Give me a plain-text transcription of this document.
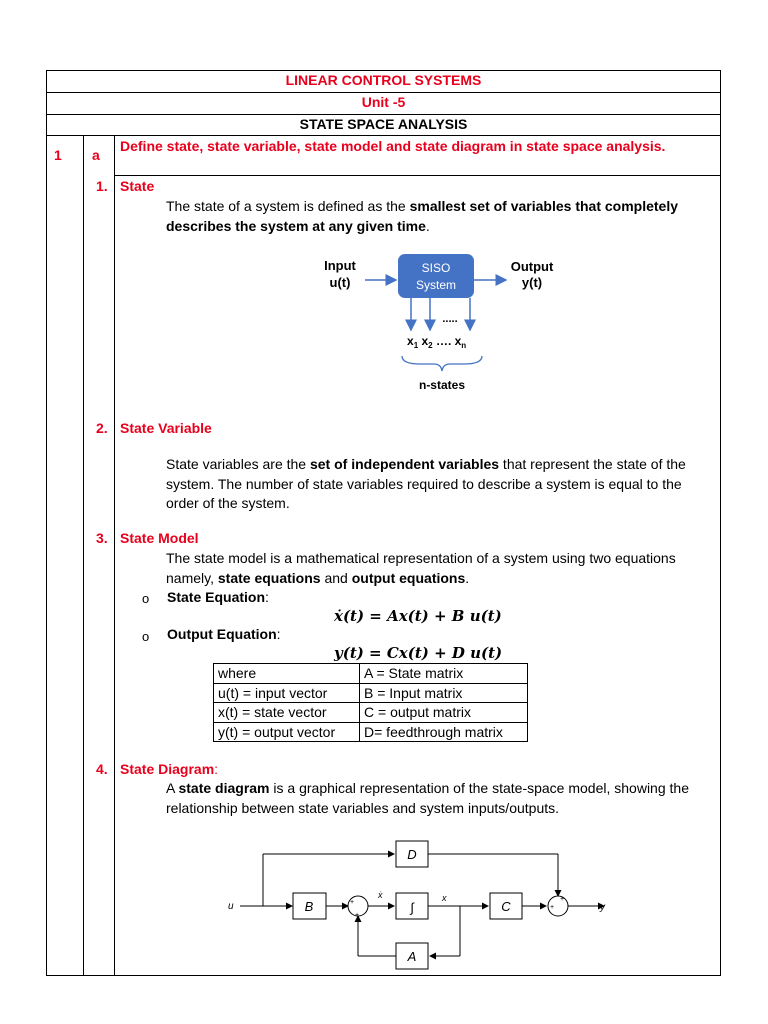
LINEAR CONTROL SYSTEMS
Unit -5
STATE SPACE ANALYSIS
1 a
Define state, state variable, state model and state diagram in state space analysis.
1. State
The state of a system is defined as the smallest set of variables that completely describes the system at any given time.
Input
u(t)
SISO
System
Output
y(t)
.....
$x_1$ $x_2$ …. $x_n$
n-states
2. State Variable
State variables are the set of independent variables that represent the state of the system. The number of state variables required to describe a system is equal to the order of the system.
3. State Model
The state model is a mathematical representation of a system using two equations namely, state equations and output equations.
o State Equation:
ẋ(t) = Ax(t) + B u(t)
o Output Equation:
y(t) = Cx(t) + D u(t)
where	A = State matrix
u(t) = input vector	B = Input matrix
x(t) = state vector	C = output matrix
y(t) = output vector	D= feedthrough matrix
4. State Diagram:
A state diagram is a graphical representation of the state-space model, showing the relationship between state variables and system inputs/outputs.
D
B	+
+
∫
ẋ	x
C	+
+
A
u	y
